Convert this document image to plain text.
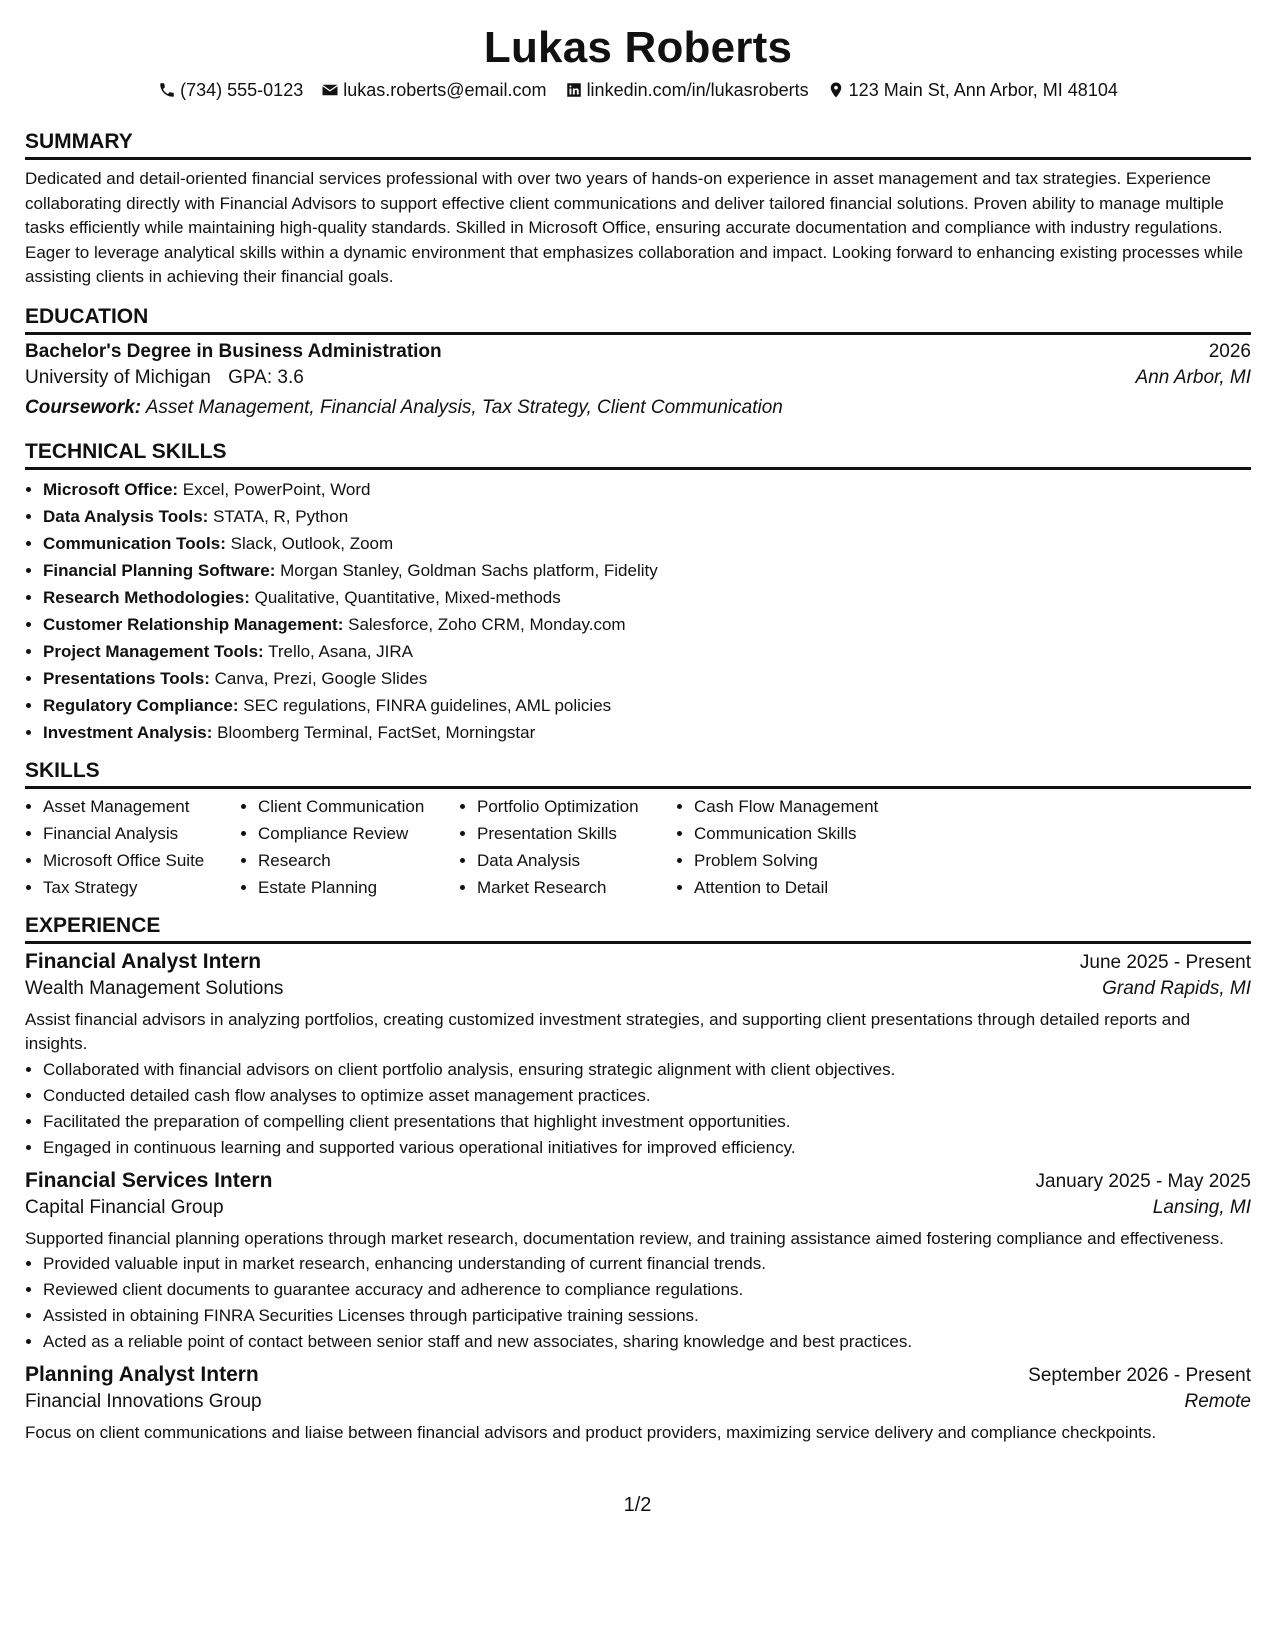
Lukas Roberts
(734) 555-0123 lukas.roberts@email.com linkedin.com/in/lukasroberts 123 Main St, Ann Arbor, MI 48104
SUMMARY
Dedicated and detail-oriented financial services professional with over two years of hands-on experience in asset management and tax strategies. Experience collaborating directly with Financial Advisors to support effective client communications and deliver tailored financial solutions. Proven ability to manage multiple tasks efficiently while maintaining high-quality standards. Skilled in Microsoft Office, ensuring accurate documentation and compliance with industry regulations. Eager to leverage analytical skills within a dynamic environment that emphasizes collaboration and impact. Looking forward to enhancing existing processes while assisting clients in achieving their financial goals.
EDUCATION
Bachelor's Degree in Business Administration	2026
University of Michigan GPA: 3.6	Ann Arbor, MI
Coursework: Asset Management, Financial Analysis, Tax Strategy, Client Communication
TECHNICAL SKILLS
• Microsoft Office: Excel, PowerPoint, Word
• Data Analysis Tools: STATA, R, Python
• Communication Tools: Slack, Outlook, Zoom
• Financial Planning Software: Morgan Stanley, Goldman Sachs platform, Fidelity
• Research Methodologies: Qualitative, Quantitative, Mixed-methods
• Customer Relationship Management: Salesforce, Zoho CRM, Monday.com
• Project Management Tools: Trello, Asana, JIRA
• Presentations Tools: Canva, Prezi, Google Slides
• Regulatory Compliance: SEC regulations, FINRA guidelines, AML policies
• Investment Analysis: Bloomberg Terminal, FactSet, Morningstar
SKILLS
• Asset Management
• Financial Analysis
• Microsoft Office Suite
• Tax Strategy
• Client Communication
• Compliance Review
• Research
• Estate Planning
• Portfolio Optimization
• Presentation Skills
• Data Analysis
• Market Research
• Cash Flow Management
• Communication Skills
• Problem Solving
• Attention to Detail
EXPERIENCE
Financial Analyst Intern	June 2025 - Present
Wealth Management Solutions	Grand Rapids, MI
Assist financial advisors in analyzing portfolios, creating customized investment strategies, and supporting client presentations through detailed reports and insights.
• Collaborated with financial advisors on client portfolio analysis, ensuring strategic alignment with client objectives.
• Conducted detailed cash flow analyses to optimize asset management practices.
• Facilitated the preparation of compelling client presentations that highlight investment opportunities.
• Engaged in continuous learning and supported various operational initiatives for improved efficiency.
Financial Services Intern	January 2025 - May 2025
Capital Financial Group	Lansing, MI
Supported financial planning operations through market research, documentation review, and training assistance aimed fostering compliance and effectiveness.
• Provided valuable input in market research, enhancing understanding of current financial trends.
• Reviewed client documents to guarantee accuracy and adherence to compliance regulations.
• Assisted in obtaining FINRA Securities Licenses through participative training sessions.
• Acted as a reliable point of contact between senior staff and new associates, sharing knowledge and best practices.
Planning Analyst Intern	September 2026 - Present
Financial Innovations Group	Remote
Focus on client communications and liaise between financial advisors and product providers, maximizing service delivery and compliance checkpoints.
1/2
